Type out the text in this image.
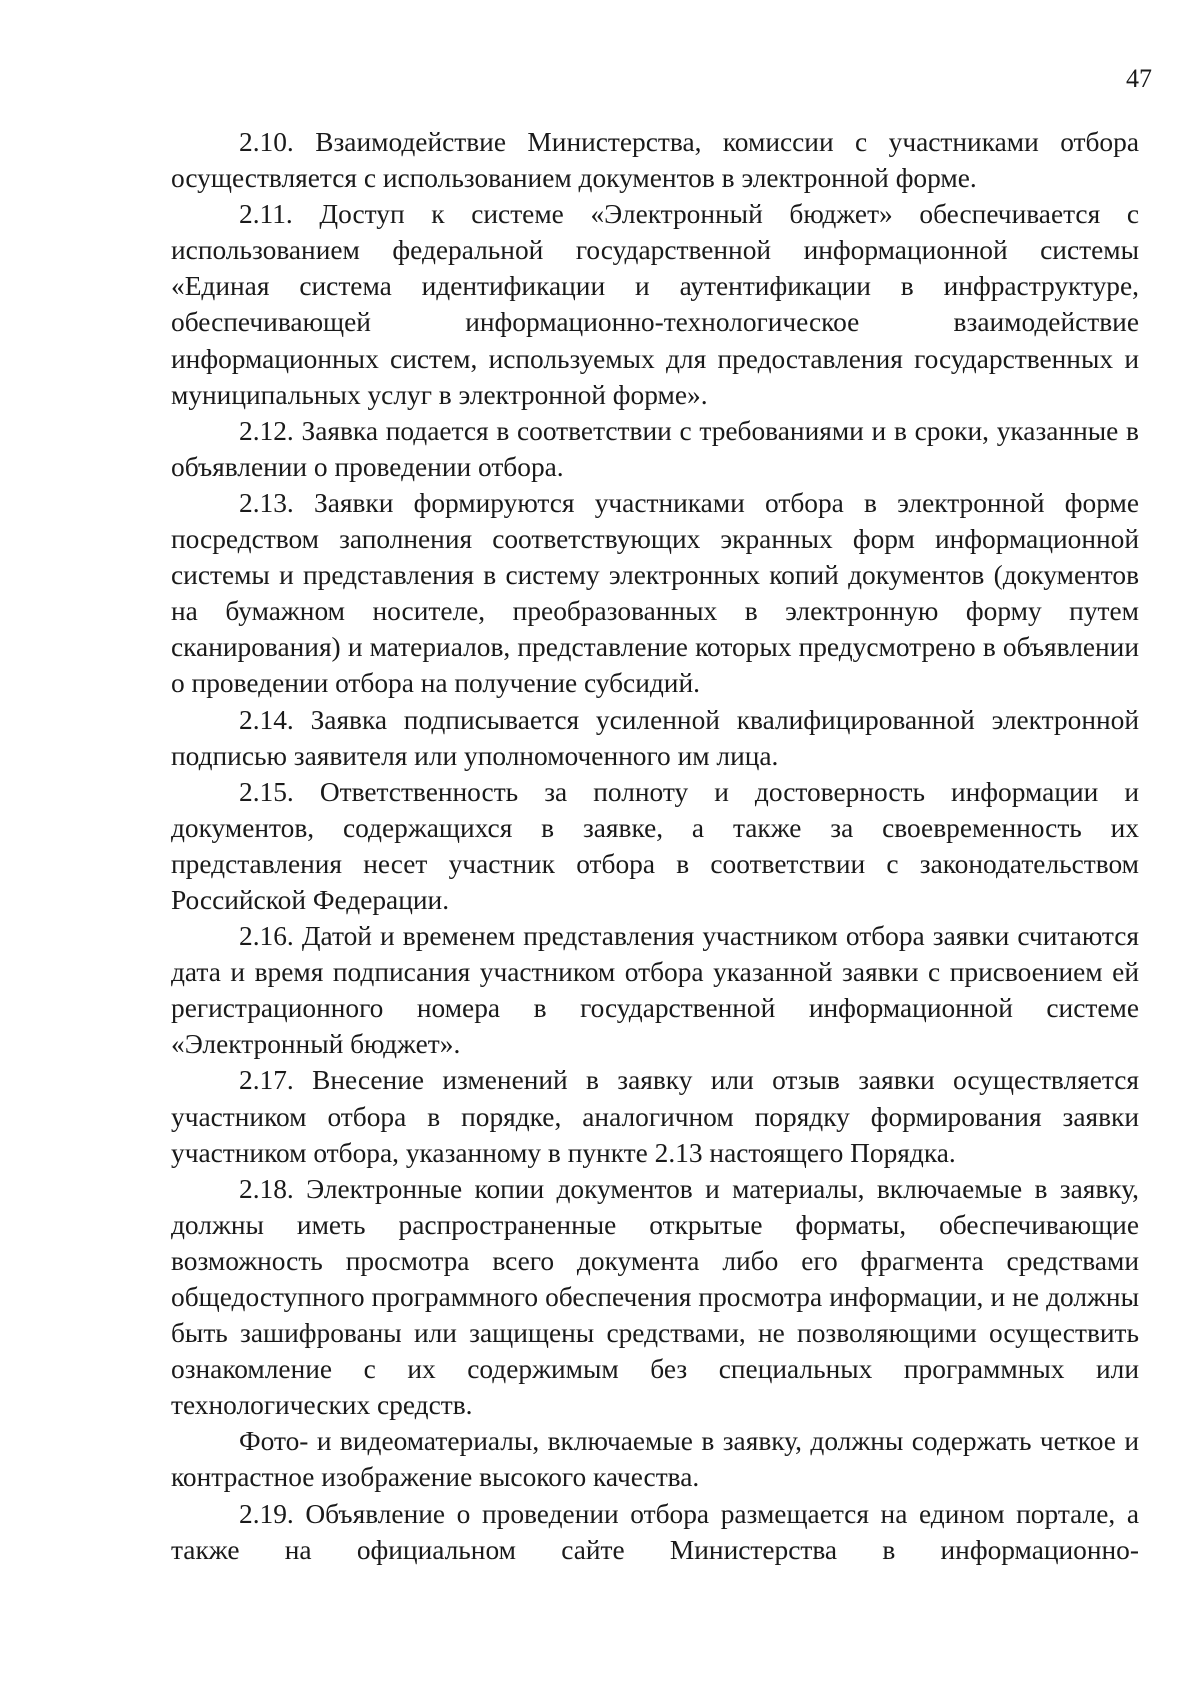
47

2.10. Взаимодействие Министерства, комиссии с участниками отбора осуществляется с использованием документов в электронной форме.

2.11. Доступ к системе «Электронный бюджет» обеспечивается с использованием федеральной государственной информационной системы «Единая система идентификации и аутентификации в инфраструктуре, обеспечивающей информационно-технологическое взаимодействие информационных систем, используемых для предоставления государственных и муниципальных услуг в электронной форме».

2.12. Заявка подается в соответствии с требованиями и в сроки, указанные в объявлении о проведении отбора.

2.13. Заявки формируются участниками отбора в электронной форме посредством заполнения соответствующих экранных форм информационной системы и представления в систему электронных копий документов (документов на бумажном носителе, преобразованных в электронную форму путем сканирования) и материалов, представление которых предусмотрено в объявлении о проведении отбора на получение субсидий.

2.14. Заявка подписывается усиленной квалифицированной электронной подписью заявителя или уполномоченного им лица.

2.15. Ответственность за полноту и достоверность информации и документов, содержащихся в заявке, а также за своевременность их представления несет участник отбора в соответствии с законодательством Российской Федерации.

2.16. Датой и временем представления участником отбора заявки считаются дата и время подписания участником отбора указанной заявки с присвоением ей регистрационного номера в государственной информационной системе «Электронный бюджет».

2.17. Внесение изменений в заявку или отзыв заявки осуществляется участником отбора в порядке, аналогичном порядку формирования заявки участником отбора, указанному в пункте 2.13 настоящего Порядка.

2.18. Электронные копии документов и материалы, включаемые в заявку, должны иметь распространенные открытые форматы, обеспечивающие возможность просмотра всего документа либо его фрагмента средствами общедоступного программного обеспечения просмотра информации, и не должны быть зашифрованы или защищены средствами, не позволяющими осуществить ознакомление с их содержимым без специальных программных или технологических средств.

Фото- и видеоматериалы, включаемые в заявку, должны содержать четкое и контрастное изображение высокого качества.

2.19. Объявление о проведении отбора размещается на едином портале, а также на официальном сайте Министерства в информационно-
